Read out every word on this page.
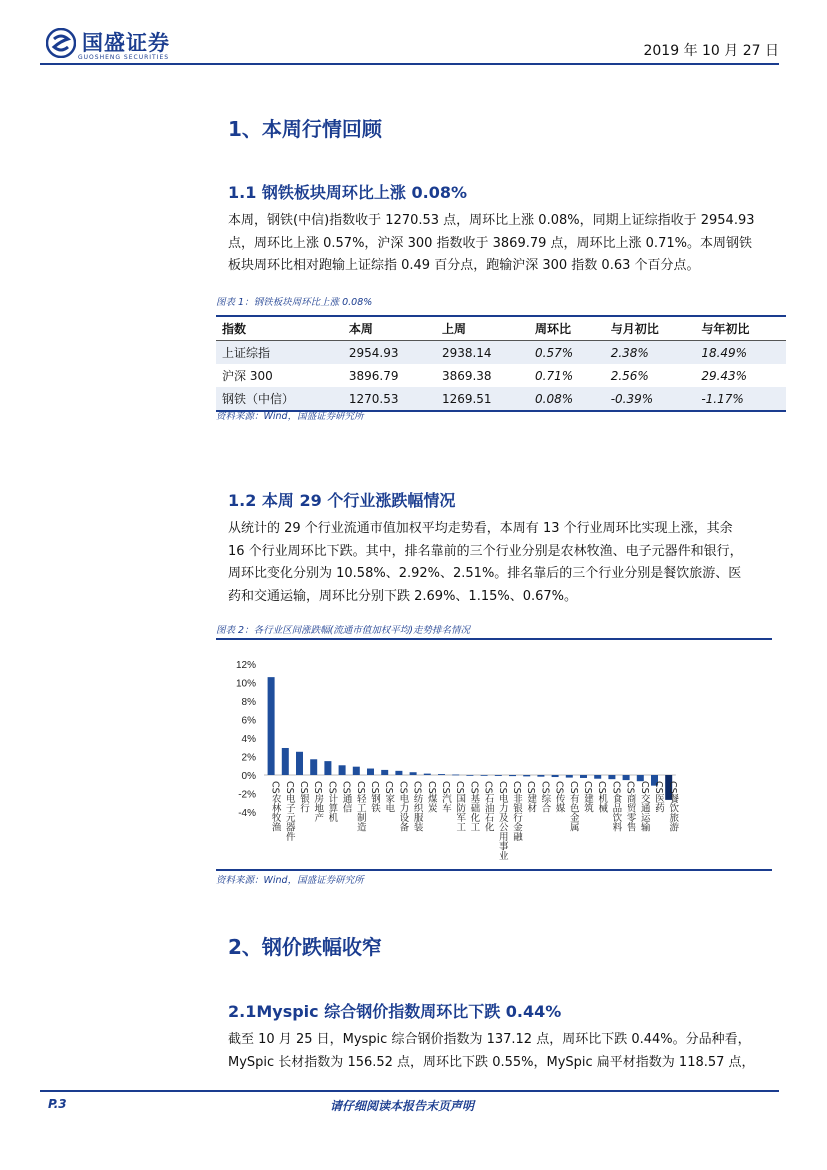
国盛证券
GUOSHENG SECURITIES	2019 年 10 月 27 日
1、本周行情回顾
1.1 钢铁板块周环比上涨 0.08%
本周，钢铁(中信)指数收于 1270.53 点，周环比上涨 0.08%，同期上证综指收于 2954.93
点，周环比上涨 0.57%，沪深 300 指数收于 3869.79 点，周环比上涨 0.71%。本周钢铁
板块周环比相对跑输上证综指 0.49 百分点，跑输沪深 300 指数 0.63 个百分点。
图表 1：钢铁板块周环比上涨 0.08%
指数	本周	上周	周环比	与月初比	与年初比
上证综指	2954.93	2938.14	0.57%	2.38%	18.49%
沪深 300	3896.79	3869.38	0.71%	2.56%	29.43%
钢铁（中信）	1270.53	1269.51	0.08%	-0.39%	-1.17%
资料来源：Wind，国盛证券研究所
1.2 本周 29 个行业涨跌幅情况
从统计的 29 个行业流通市值加权平均走势看，本周有 13 个行业周环比实现上涨，其余
16 个行业周环比下跌。其中，排名靠前的三个行业分别是农林牧渔、电子元器件和银行，
周环比变化分别为 10.58%、2.92%、2.51%。排名靠后的三个行业分别是餐饮旅游、医
药和交通运输，周环比分别下跌 2.69%、1.15%、0.67%。
图表 2：各行业区间涨跌幅(流通市值加权平均)走势排名情况
12%
10%
8%
6%
4%
2%
0%
-2%
-4% CS农林牧渔 CS电子元器件 CS银行 CS房地产 CS计算机 CS通信 CS轻工制造 CS钢铁 CS家电 CS电力设备 CS纺织服装 CS煤炭 CS汽车 CS国防军工 CS基础化工 CS石油石化 CS电力及公用事业 CS非银行金融 CS建材 CS综合 CS传媒 CS有色金属 CS建筑 CS机械 CS食品饮料 CS商贸零售 CS交通运输 CS医药 CS餐饮旅游
资料来源：Wind，国盛证券研究所
2、钢价跌幅收窄
2.1Myspic 综合钢价指数周环比下跌 0.44%
截至 10 月 25 日，Myspic 综合钢价指数为 137.12 点，周环比下跌 0.44%。分品种看，
MySpic 长材指数为 156.52 点，周环比下跌 0.55%，MySpic 扁平材指数为 118.57 点，
P.3	请仔细阅读本报告末页声明
